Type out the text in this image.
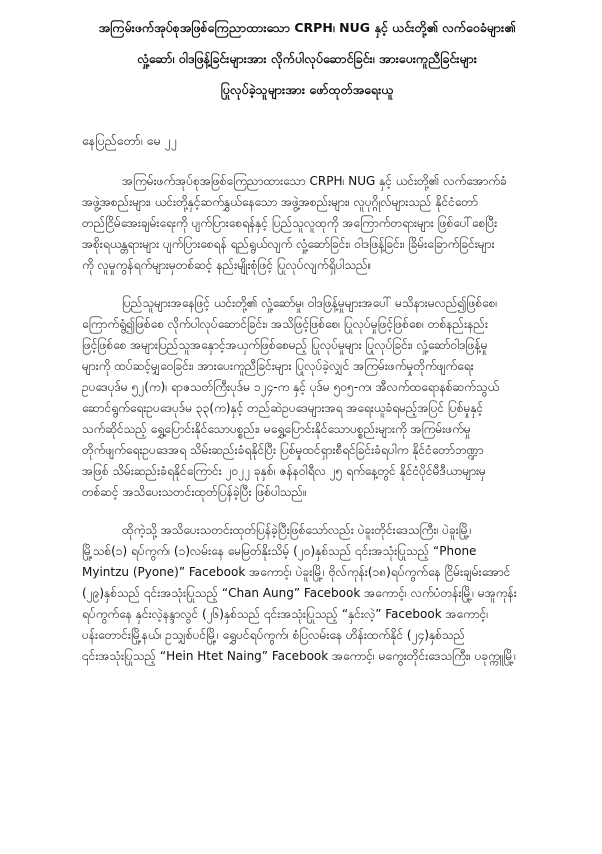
အကြမ်းဖက်အုပ်စုအဖြစ်ကြေညာထားသော CRPH၊ NUG နှင့် ယင်းတို့၏ လက်ဝေခံများ၏
လှုံ့ဆော်၊ ဝါဒဖြန့်ခြင်းများအား လိုက်ပါလုပ်ဆောင်ခြင်း၊ အားပေးကူညီခြင်းများ
ပြုလုပ်ခဲ့သူများအား ဖော်ထုတ်အရေးယူ
နေပြည်တော်၊ မေ ၂၂
အကြမ်းဖက်အုပ်စုအဖြစ်ကြေညာထားသော CRPH၊ NUG နှင့် ယင်းတို့၏ လက်အောက်ခံ
အဖွဲ့အစည်းများ၊ ယင်းတို့နှင့်ဆက်နွှယ်နေသော အဖွဲ့အစည်းများ၊ လူပုဂ္ဂိုလ်များသည် နိုင်ငံတော်
တည်ငြိမ်အေးချမ်းရေးကို ပျက်ပြားစေရန်နှင့် ပြည်သူလူထုကို အကြောက်တရားများ ဖြစ်ပေါ်စေပြီး
အစိုးရယန္တရားများ ပျက်ပြားစေရန် ရည်ရွယ်လျက် လှုံ့ဆော်ခြင်း၊ ဝါဒဖြန့်ခြင်း၊ ခြိမ်းခြောက်ခြင်းများ
ကို လူမှုကွန်ရက်များမှတစ်ဆင့် နည်းမျိုးစုံဖြင့် ပြုလုပ်လျက်ရှိပါသည်။
ပြည်သူများအနေဖြင့် ယင်းတို့၏ လှုံ့ဆော်မှု၊ ဝါဒဖြန့်မှုများအပေါ် မသိနားမလည်၍ဖြစ်စေ၊
ကြောက်ရွံ၍ဖြစ်စေ လိုက်ပါလုပ်ဆောင်ခြင်း၊ အသိဖြင့်ဖြစ်စေ၊ ပြုလုပ်မှုဖြင့်ဖြစ်စေ၊ တစ်နည်းနည်း
ဖြင့်ဖြစ်စေ အများပြည်သူအနှောင့်အယှက်ဖြစ်စေမည့် ပြုလုပ်မှုများ ပြုလုပ်ခြင်း၊ လှုံ့ဆော်ဝါဒဖြန့်မှု
များကို ထပ်ဆင့်မျှဝေခြင်း၊ အားပေးကူညီခြင်းများ ပြုလုပ်ခဲ့လျှင် အကြမ်းဖက်မှုတိုက်ဖျက်ရေး
ဥပဒေပုဒ်မ ၅၂(က)၊ ရာဇသတ်ကြီးပုဒ်မ ၁၂၄-က နှင့် ပုဒ်မ ၅ဝ၅-က၊ အီလက်ထရောနစ်ဆက်သွယ်
ဆောင်ရွက်ရေးဥပဒေပုဒ်မ ၃၃(က)နှင့် တည်ဆဲဥပဒေများအရ အရေးယူခံရမည့်အပြင် ပြစ်မှုနှင့်
သက်ဆိုင်သည့် ရွှေ့ပြောင်းနိုင်သောပစ္စည်း၊ မရွှေ့ပြောင်းနိုင်သောပစ္စည်းများကို အကြမ်းဖက်မှု
တိုက်ဖျက်ရေးဥပဒေအရ သိမ်းဆည်းခံရနိုင်ပြီး ပြစ်မှုထင်ရှားစီရင်ခြင်းခံရပါက နိုင်ငံတော်ဘဏ္ဍာ
အဖြစ် သိမ်းဆည်းခံရနိုင်ကြောင်း ၂ဝ၂၂ ခုနှစ်၊ ဇန်နဝါရီလ ၂၅ ရက်နေ့တွင် နိုင်ငံပိုင်မီဒီယာများမှ
တစ်ဆင့် အသိပေးသတင်းထုတ်ပြန်ခဲ့ပြီး ဖြစ်ပါသည်။
ထိုကဲ့သို့ အသိပေးသတင်းထုတ်ပြန်ခဲ့ပြီးဖြစ်သော်လည်း ပဲခူးတိုင်းဒေသကြီး၊ ပဲခူးမြို့၊
မြို့သစ်(၁) ရပ်ကွက်၊ (၁)လမ်းနေ မေမြတ်နိုးသိမ့် (၂ဝ)နှစ်သည် ၎င်းအသုံးပြုသည့် “Phone
Myintzu (Pyone)” Facebook အကောင့်၊ ပဲခူးမြို့၊ ဗိုလ်ကုန်း(၁၈)ရပ်ကွက်နေ ငြိမ်းချမ်းအောင်
(၂၉)နှစ်သည် ၎င်းအသုံးပြုသည့် “Chan Aung” Facebook အကောင့်၊ လက်ပံတန်းမြို့၊ မအူကုန်း
ရပ်ကွက်နေ နှင်းလဲ့နန္ဒာလွင် (၂၆)နှစ်သည် ၎င်းအသုံးပြုသည့် “နှင်းလဲ့” Facebook အကောင့်၊
ပန်းတောင်းမြို့နယ်၊ ဥသျှစ်ပင်မြို့၊ ရွှေပင်ရပ်ကွက်၊ စံပြလမ်းနေ ဟိန်းထက်နိုင် (၂၄)နှစ်သည်
၎င်းအသုံးပြုသည့် “Hein Htet Naing” Facebook အကောင့်၊ မကွေးတိုင်းဒေသကြီး၊ ပခုက္ကူမြို့၊
